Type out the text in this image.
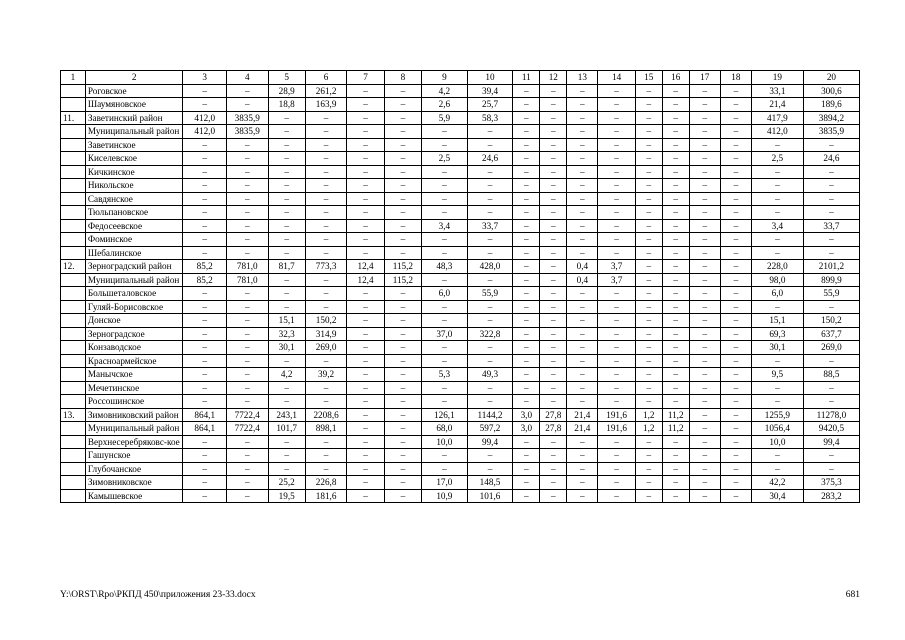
1	2	3	4	5	6	7	8	9	10	11	12	13	14	15	16	17	18	19	20
	Роговское	–	–	28,9	261,2	–	–	4,2	39,4	–	–	–	–	–	–	–	–	33,1	300,6
	Шаумяновское	–	–	18,8	163,9	–	–	2,6	25,7	–	–	–	–	–	–	–	–	21,4	189,6
11.	Заветинский район	412,0	3835,9	–	–	–	–	5,9	58,3	–	–	–	–	–	–	–	–	417,9	3894,2
	Муниципальный район	412,0	3835,9	–	–	–	–	–	–	–	–	–	–	–	–	–	–	412,0	3835,9
	Заветинское	–	–	–	–	–	–	–	–	–	–	–	–	–	–	–	–	–	–
	Киселевское	–	–	–	–	–	–	2,5	24,6	–	–	–	–	–	–	–	–	2,5	24,6
	Кичкинское	–	–	–	–	–	–	–	–	–	–	–	–	–	–	–	–	–	–
	Никольское	–	–	–	–	–	–	–	–	–	–	–	–	–	–	–	–	–	–
	Савдянское	–	–	–	–	–	–	–	–	–	–	–	–	–	–	–	–	–	–
	Тюльпановское	–	–	–	–	–	–	–	–	–	–	–	–	–	–	–	–	–	–
	Федосеевское	–	–	–	–	–	–	3,4	33,7	–	–	–	–	–	–	–	–	3,4	33,7
	Фоминское	–	–	–	–	–	–	–	–	–	–	–	–	–	–	–	–	–	–
	Шебалинское	–	–	–	–	–	–	–	–	–	–	–	–	–	–	–	–	–	–
12.	Зерноградский район	85,2	781,0	81,7	773,3	12,4	115,2	48,3	428,0	–	–	0,4	3,7	–	–	–	–	228,0	2101,2
	Муниципальный район	85,2	781,0	–	–	12,4	115,2	–	–	–	–	0,4	3,7	–	–	–	–	98,0	899,9
	Большеталовское	–	–	–	–	–	–	6,0	55,9	–	–	–	–	–	–	–	–	6,0	55,9
	Гуляй-Борисовское	–	–	–	–	–	–	–	–	–	–	–	–	–	–	–	–	–	–
	Донское	–	–	15,1	150,2	–	–	–	–	–	–	–	–	–	–	–	–	15,1	150,2
	Зерноградское	–	–	32,3	314,9	–	–	37,0	322,8	–	–	–	–	–	–	–	–	69,3	637,7
	Конзаводское	–	–	30,1	269,0	–	–	–	–	–	–	–	–	–	–	–	–	30,1	269,0
	Красноармейское	–	–	–	–	–	–	–	–	–	–	–	–	–	–	–	–	–	–
	Манычское	–	–	4,2	39,2	–	–	5,3	49,3	–	–	–	–	–	–	–	–	9,5	88,5
	Мечетинское	–	–	–	–	–	–	–	–	–	–	–	–	–	–	–	–	–	–
	Россошинское	–	–	–	–	–	–	–	–	–	–	–	–	–	–	–	–	–	–
13.	Зимовниковский район	864,1	7722,4	243,1	2208,6	–	–	126,1	1144,2	3,0	27,8	21,4	191,6	1,2	11,2	–	–	1255,9	11278,0
	Муниципальный район	864,1	7722,4	101,7	898,1	–	–	68,0	597,2	3,0	27,8	21,4	191,6	1,2	11,2	–	–	1056,4	9420,5
	Верхнесеребряковс-кое	–	–	–	–	–	–	10,0	99,4	–	–	–	–	–	–	–	–	10,0	99,4
	Гашунское	–	–	–	–	–	–	–	–	–	–	–	–	–	–	–	–	–	–
	Глубочанское	–	–	–	–	–	–	–	–	–	–	–	–	–	–	–	–	–	–
	Зимовниковское	–	–	25,2	226,8	–	–	17,0	148,5	–	–	–	–	–	–	–	–	42,2	375,3
	Камышевское	–	–	19,5	181,6	–	–	10,9	101,6	–	–	–	–	–	–	–	–	30,4	283,2
Y:\ORST\Rpo\РКПД 450\приложения 23-33.docx	681
